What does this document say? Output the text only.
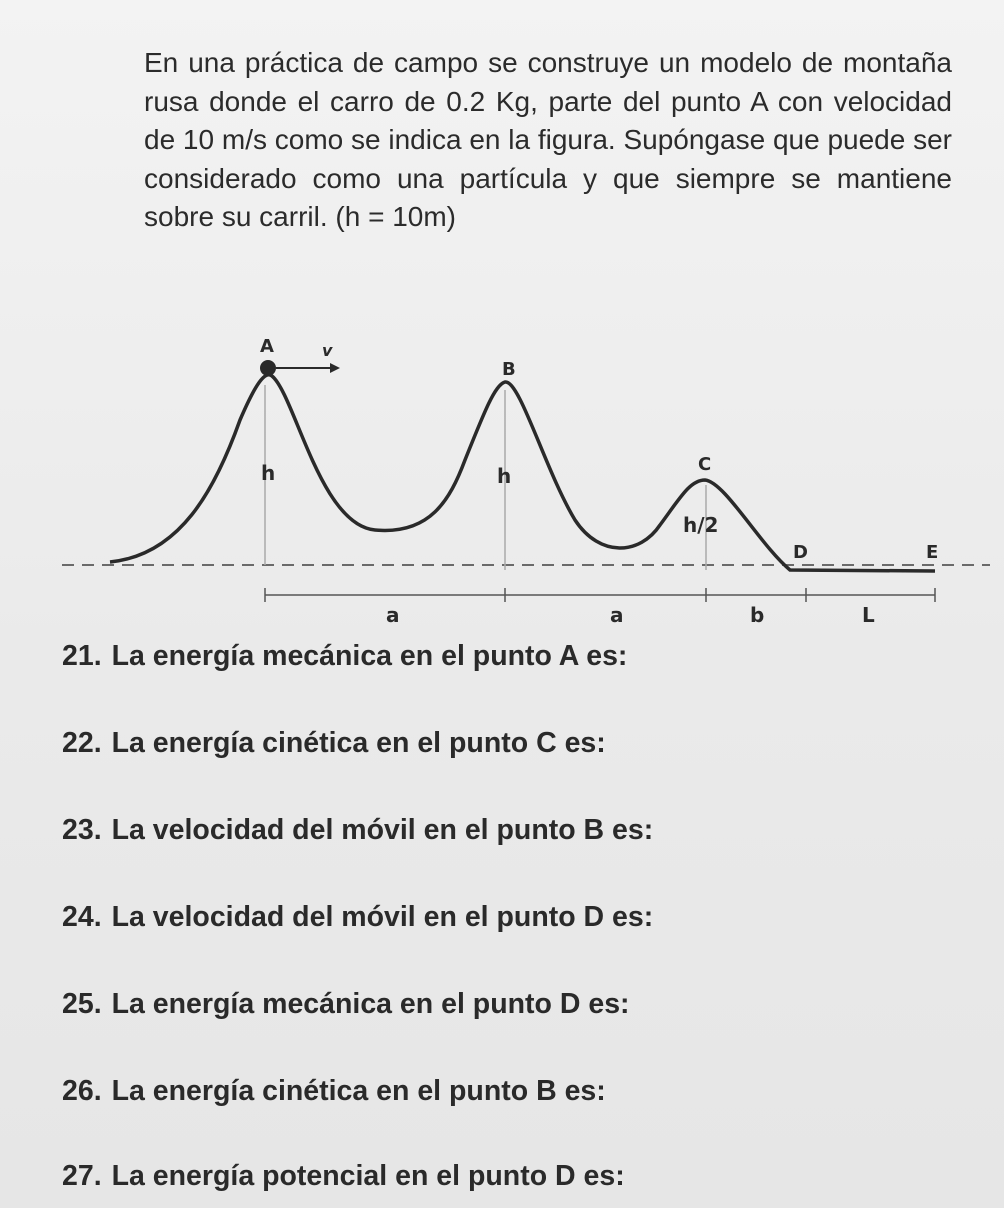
En una práctica de campo se construye un modelo de montaña rusa donde el carro de 0.2 Kg, parte del punto A con velocidad de 10 m/s como se indica en la figura. Supóngase que puede ser considerado como una partícula y que siempre se mantiene sobre su carril. (h = 10m)

A	v
B
C
D	E
h	h
h/2
a	a	b	L

21. La energía mecánica en el punto A es:

22. La energía cinética en el punto C es:

23. La velocidad del móvil en el punto B es:

24. La velocidad del móvil en el punto D es:

25. La energía mecánica en el punto D es:

26. La energía cinética en el punto B es:

27. La energía potencial en el punto D es:
